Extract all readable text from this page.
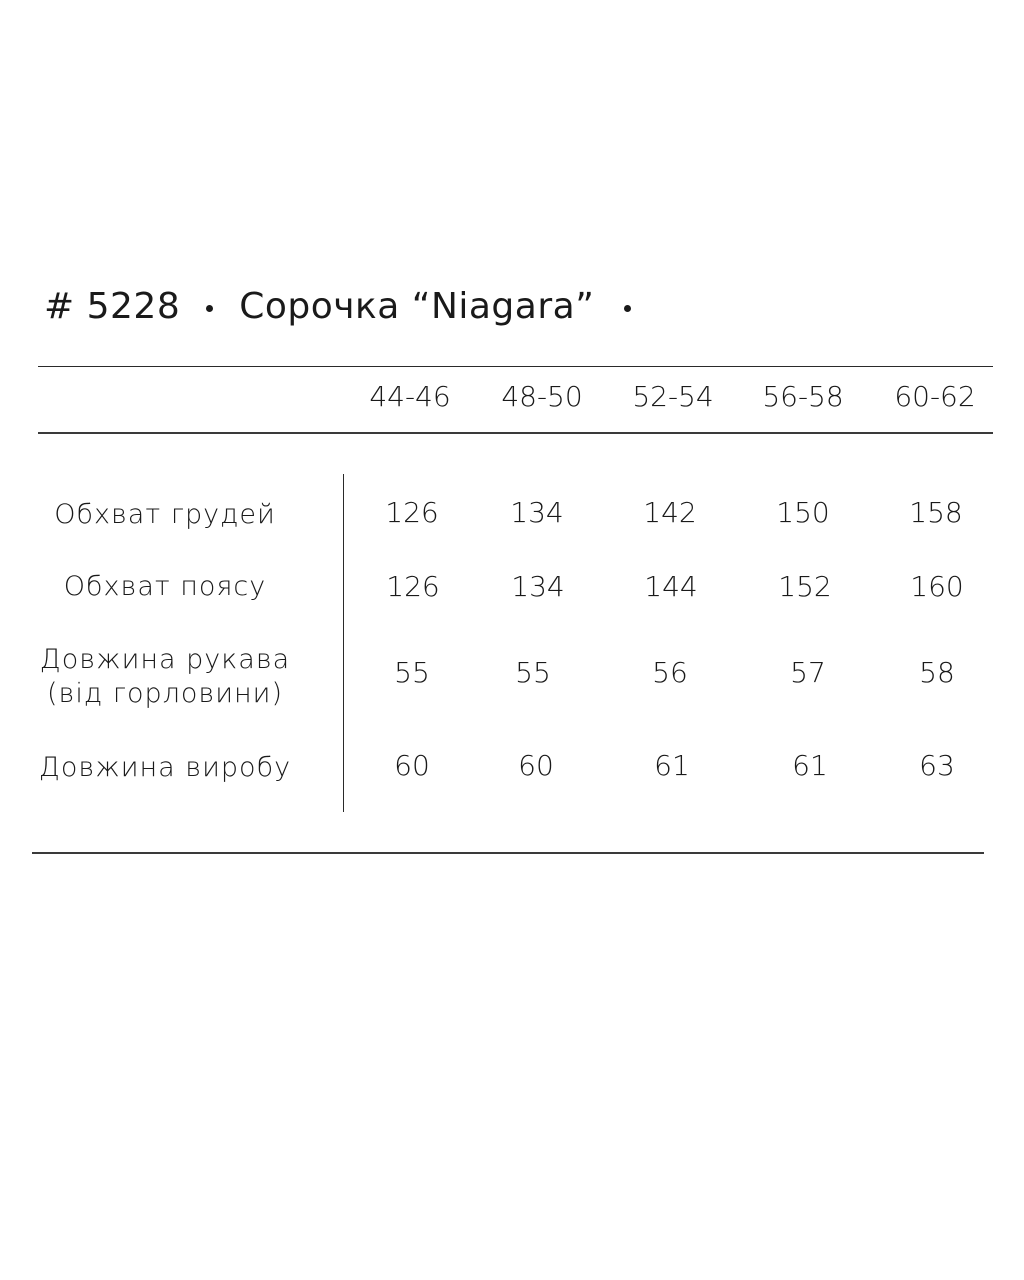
# 5228 Сорочка “Niagara”
44-46	48-50	52-54	56-58	60-62
Обхват грудей	126	134	142	150	158
Обхват поясу	126	134	144	152	160
Довжина рукава
(від горловини)
55	55	56	57	58
Довжина виробу	60	60	61	61	63
